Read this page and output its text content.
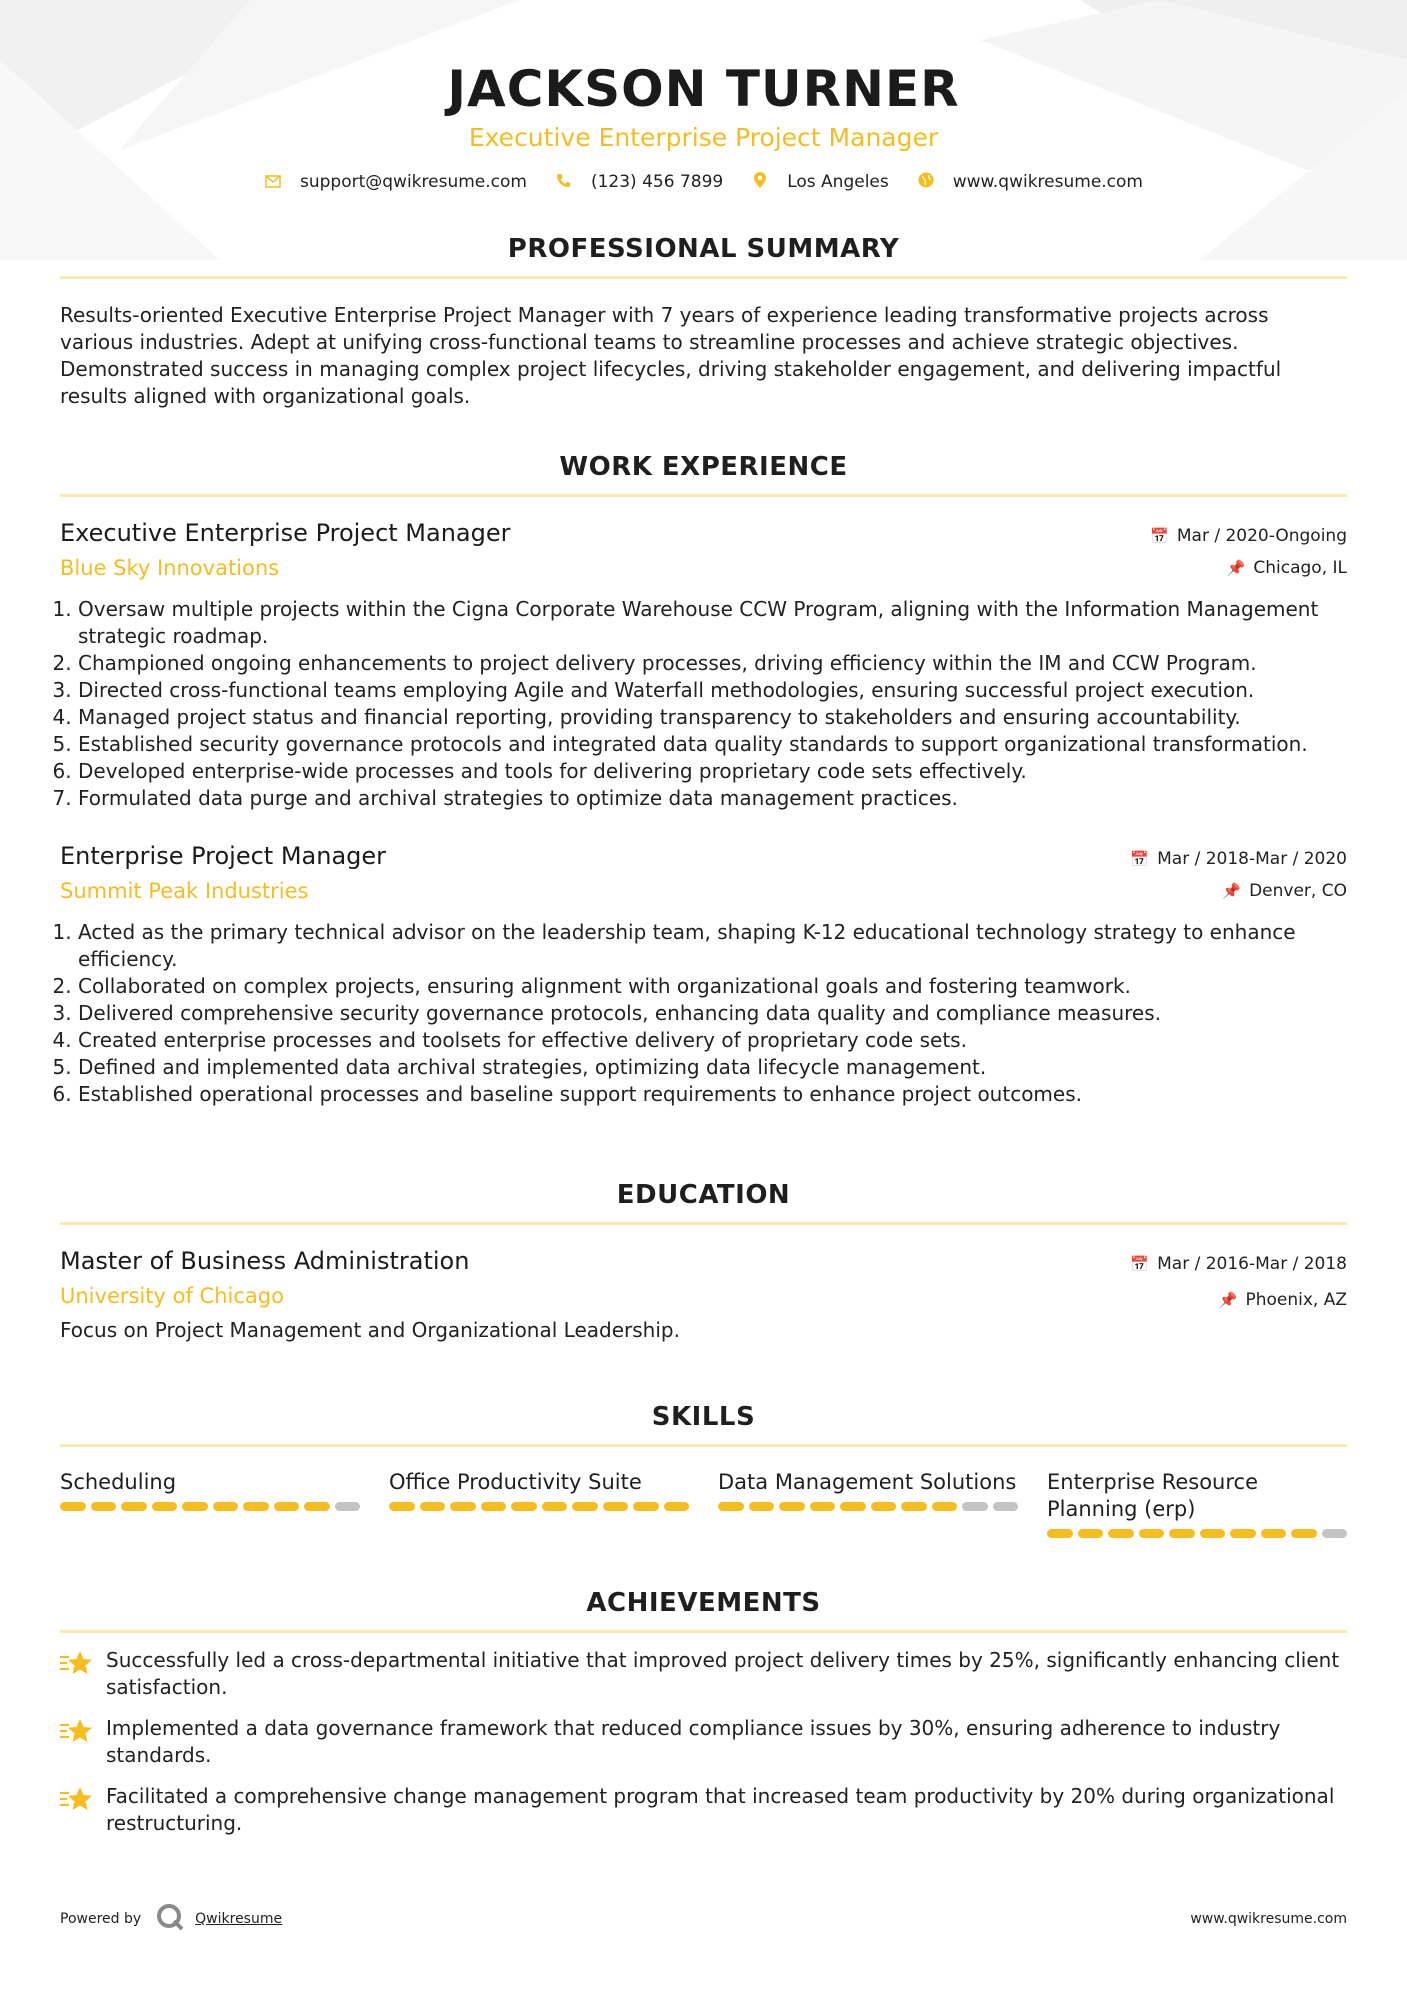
JACKSON TURNER
Executive Enterprise Project Manager
support@qwikresume.com	(123) 456 7899	Los Angeles	www.qwikresume.com
PROFESSIONAL SUMMARY

Results-oriented Executive Enterprise Project Manager with 7 years of experience leading transformative projects across various industries. Adept at unifying cross-functional teams to streamline processes and achieve strategic objectives. Demonstrated success in managing complex project lifecycles, driving stakeholder engagement, and delivering impactful results aligned with organizational goals.

WORK EXPERIENCE
Executive Enterprise Project Manager
Blue Sky Innovations
📅 Mar / 2020-Ongoing
📌 Chicago, IL
1. Oversaw multiple projects within the Cigna Corporate Warehouse CCW Program, aligning with the Information Management strategic roadmap.
2. Championed ongoing enhancements to project delivery processes, driving efficiency within the IM and CCW Program.
3. Directed cross-functional teams employing Agile and Waterfall methodologies, ensuring successful project execution.
4. Managed project status and financial reporting, providing transparency to stakeholders and ensuring accountability.
5. Established security governance protocols and integrated data quality standards to support organizational transformation.
6. Developed enterprise-wide processes and tools for delivering proprietary code sets effectively.
7. Formulated data purge and archival strategies to optimize data management practices.
Enterprise Project Manager
Summit Peak Industries
📅 Mar / 2018-Mar / 2020
📌 Denver, CO
1. Acted as the primary technical advisor on the leadership team, shaping K-12 educational technology strategy to enhance efficiency.
2. Collaborated on complex projects, ensuring alignment with organizational goals and fostering teamwork.
3. Delivered comprehensive security governance protocols, enhancing data quality and compliance measures.
4. Created enterprise processes and toolsets for effective delivery of proprietary code sets.
5. Defined and implemented data archival strategies, optimizing data lifecycle management.
6. Established operational processes and baseline support requirements to enhance project outcomes.
EDUCATION
Master of Business Administration
University of Chicago
📅 Mar / 2016-Mar / 2018
📌 Phoenix, AZ

Focus on Project Management and Organizational Leadership.

SKILLS
Scheduling	Office Productivity Suite	Data Management Solutions Enterprise Resource Planning (erp)
ACHIEVEMENTS
Successfully led a cross-departmental initiative that improved project delivery times by 25%, significantly enhancing client satisfaction.
Implemented a data governance framework that reduced compliance issues by 30%, ensuring adherence to industry standards.
Facilitated a comprehensive change management program that increased team productivity by 20% during organizational restructuring.
Powered by	Qwikresume	www.qwikresume.com
